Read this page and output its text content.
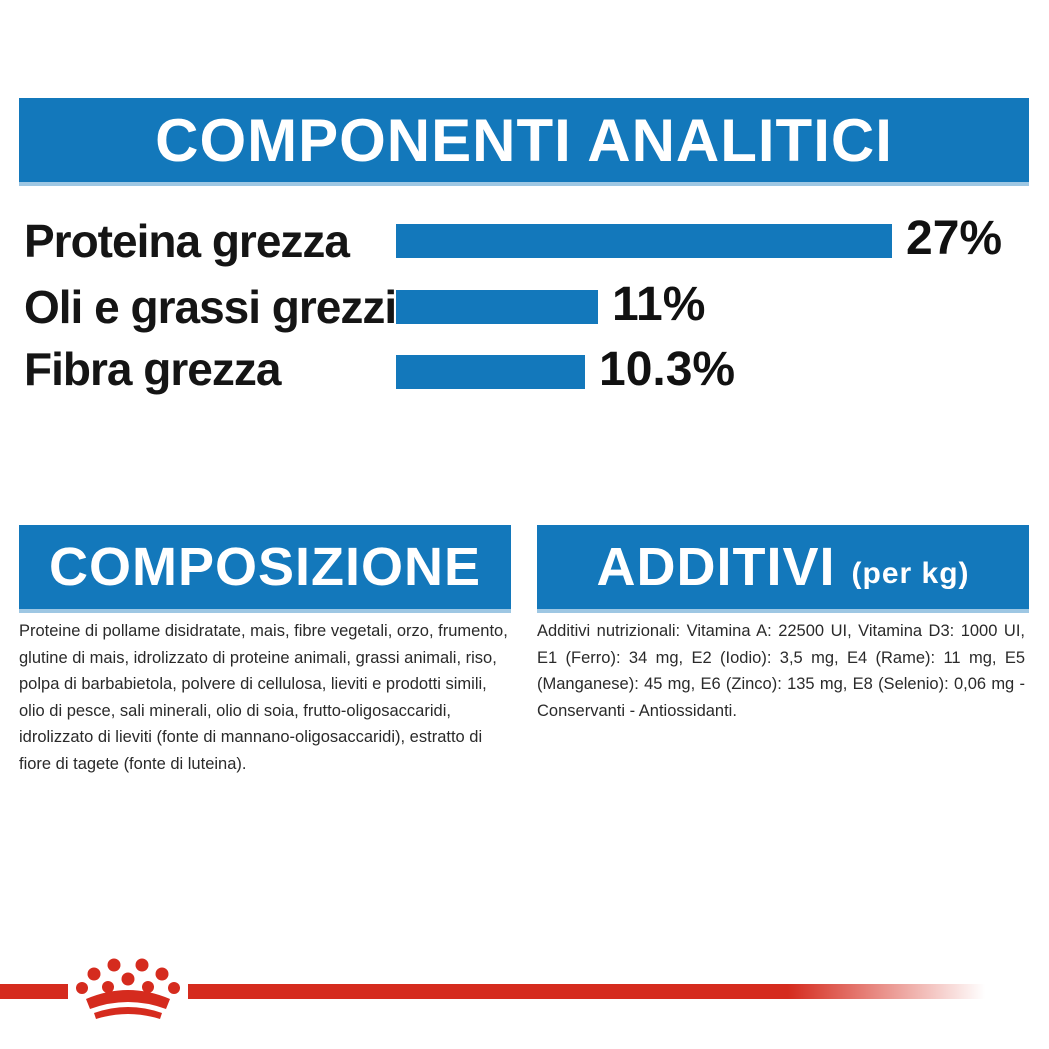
COMPONENTI ANALITICI
Proteina grezza	27%
Oli e grassi grezzi	11%
Fibra grezza	10.3%
COMPOSIZIONE ADDITIVI (per kg)

Proteine di pollame disidratate, mais, fibre vegetali, orzo, frumento, glutine di mais, idrolizzato di proteine animali, grassi animali, riso, polpa di barbabietola, polvere di cellulosa, lieviti e prodotti simili, olio di pesce, sali minerali, olio di soia, frutto-oligosaccaridi, idrolizzato di lieviti (fonte di mannano-oligosaccaridi), estratto di fiore di tagete (fonte di luteina).

Additivi nutrizionali: Vitamina A: 22500 UI, Vitamina D3: 1000 UI, E1 (Ferro): 34 mg, E2 (Iodio): 3,5 mg, E4 (Rame): 11 mg, E5 (Manganese): 45 mg, E6 (Zinco): 135 mg, E8 (Selenio): 0,06 mg - Conservanti - Antiossidanti.
